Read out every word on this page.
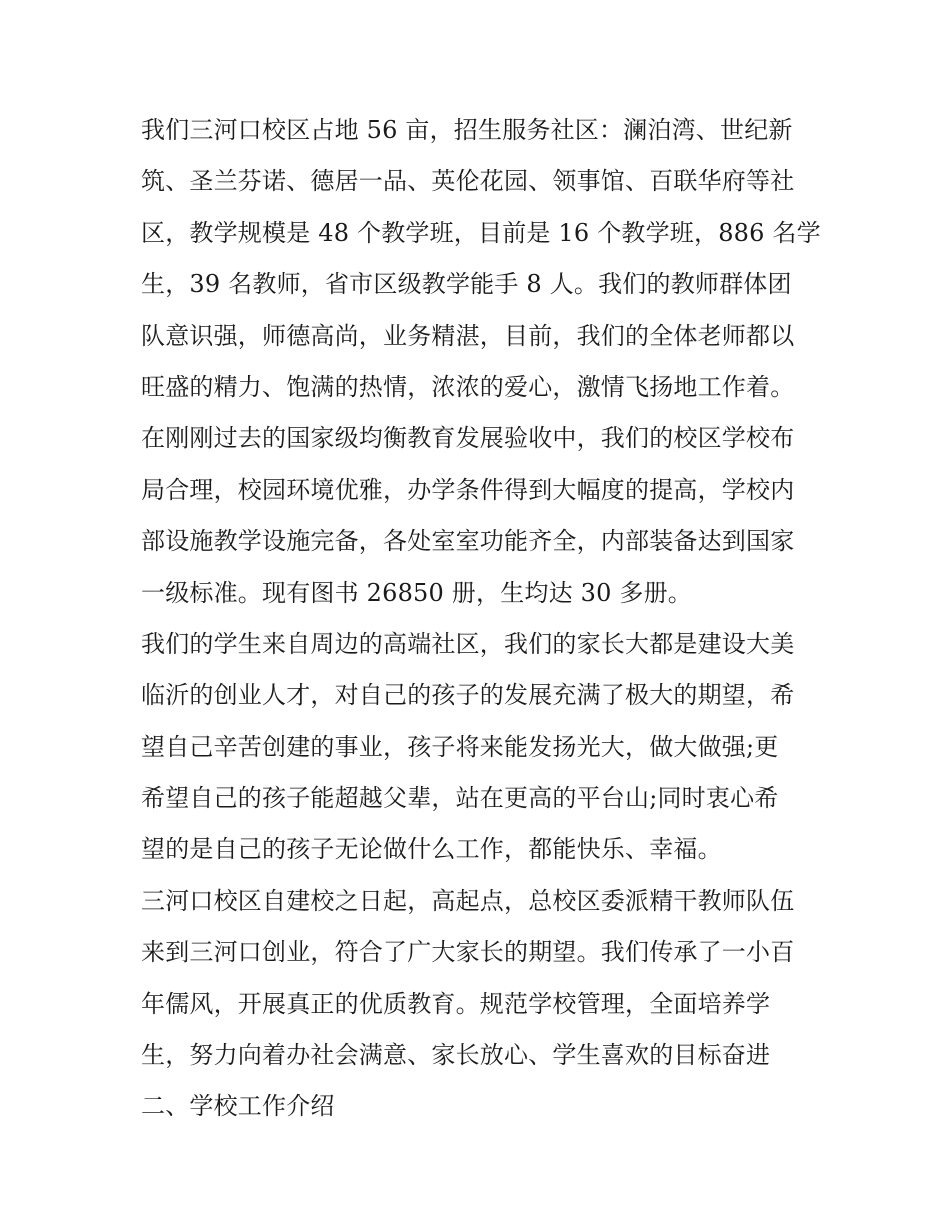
我们三河口校区占地 56 亩，招生服务社区：澜泊湾、世纪新
筑、圣兰芬诺、德居一品、英伦花园、领事馆、百联华府等社
区，教学规模是 48 个教学班，目前是 16 个教学班，886 名学
生，39 名教师，省市区级教学能手 8 人。我们的教师群体团
队意识强，师德高尚，业务精湛，目前，我们的全体老师都以
旺盛的精力、饱满的热情，浓浓的爱心，激情飞扬地工作着。
在刚刚过去的国家级均衡教育发展验收中，我们的校区学校布
局合理，校园环境优雅，办学条件得到大幅度的提高，学校内
部设施教学设施完备，各处室室功能齐全，内部装备达到国家
一级标准。现有图书 26850 册，生均达 30 多册。
我们的学生来自周边的高端社区，我们的家长大都是建设大美
临沂的创业人才，对自己的孩子的发展充满了极大的期望，希
望自己辛苦创建的事业，孩子将来能发扬光大，做大做强;更
希望自己的孩子能超越父辈，站在更高的平台山;同时衷心希
望的是自己的孩子无论做什么工作，都能快乐、幸福。
三河口校区自建校之日起，高起点，总校区委派精干教师队伍
来到三河口创业，符合了广大家长的期望。我们传承了一小百
年儒风，开展真正的优质教育。规范学校管理，全面培养学
生，努力向着办社会满意、家长放心、学生喜欢的目标奋进
二、学校工作介绍
